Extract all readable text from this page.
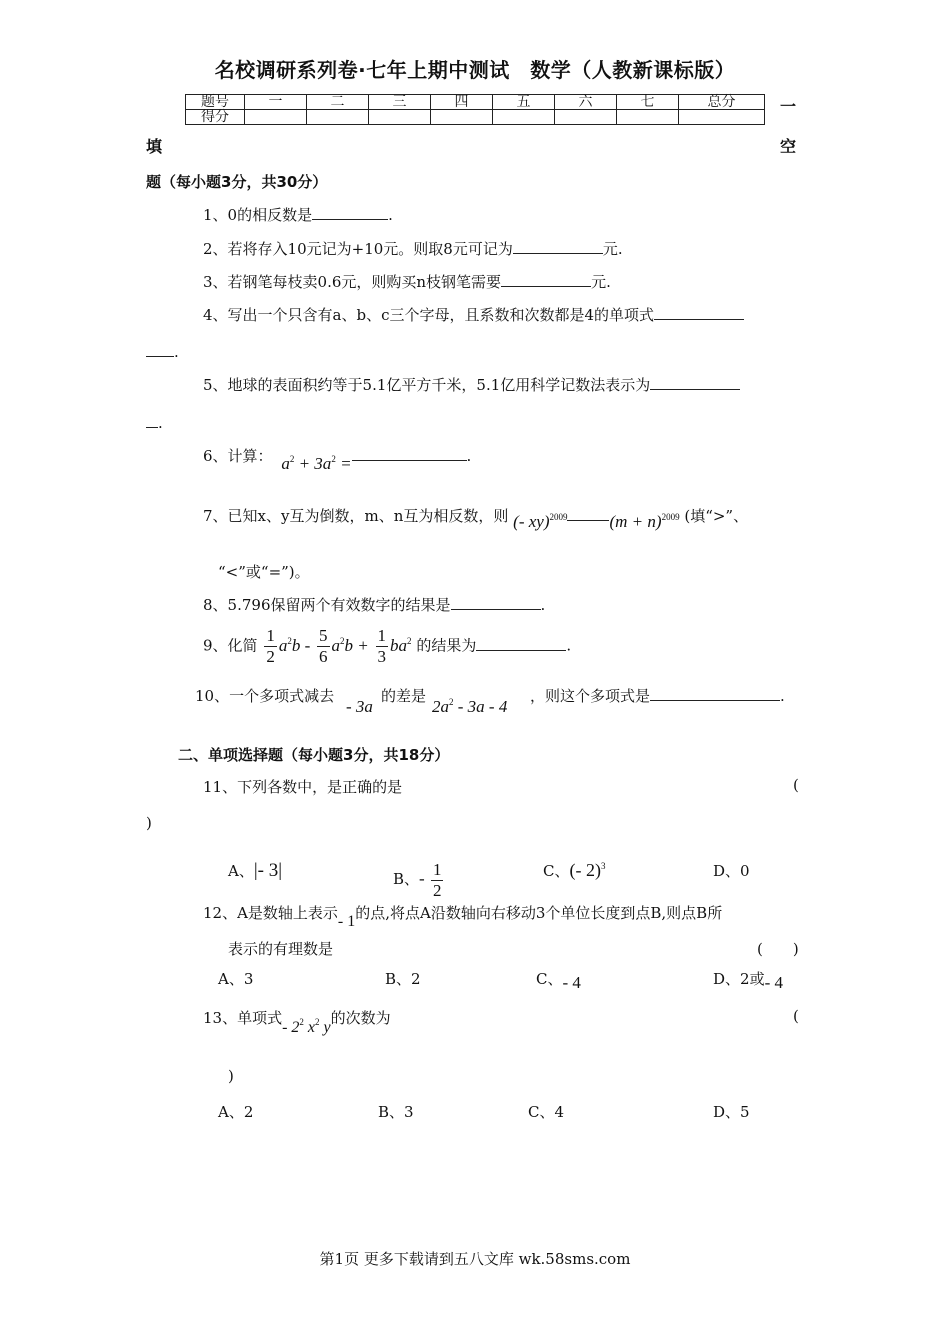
名校调研系列卷·七年上期中测试　数学（人教新课标版）
题号	一	二	三	四	五	六	七	总分
得分								
一
填	空
题（每小题3分，共30分）
1、0的相反数是	.
2、若将存入10元记为+10元。则取8元可记为	元.
3、若钢笔每枝卖0.6元，则购买n枝钢笔需要	元.
4、写出一个只含有a、b、c三个字母，且系数和次数都是4的单项式
.
5、地球的表面积约等于5.1亿平方千米，5.1亿用科学记数法表示为
.
6、计算： $a^2 + 3a^2$ =	.
7、已知x、y互为倒数，m、n互为相反数，则 (- xy)$^{2009}$ $(m + n)^{2009}$ (填“>”、
“<”或“=”)。
8、5.796保留两个有效数字的结果是	.
9、化简 $\frac{1}{2} a^2b - \frac{5}{6} a^2b + \frac{1}{3} ba^2$ 的结果为	.
10、一个多项式减去
- 3a
的差是
$2a^2 - 3a - 4$
，则这个多项式是	.
二、单项选择题（每小题3分，共18分）
11、下列各数中，是正确的是	(
)
A、|- 3|	B、- $\frac{1}{2}$	C、(- 2)$^3$	D、0
12、A是数轴上表示- 1的点,将点A沿数轴向右移动3个单位长度到点B,则点B所
表示的有理数是	(　　)
A、3	B、2	C、- 4	D、2或- 4
13、单项式- $2^2$ $x^2$ y的次数为	(
)
A、2	B、3	C、4	D、5
第1页 更多下载请到五八文库 wk.58sms.com
